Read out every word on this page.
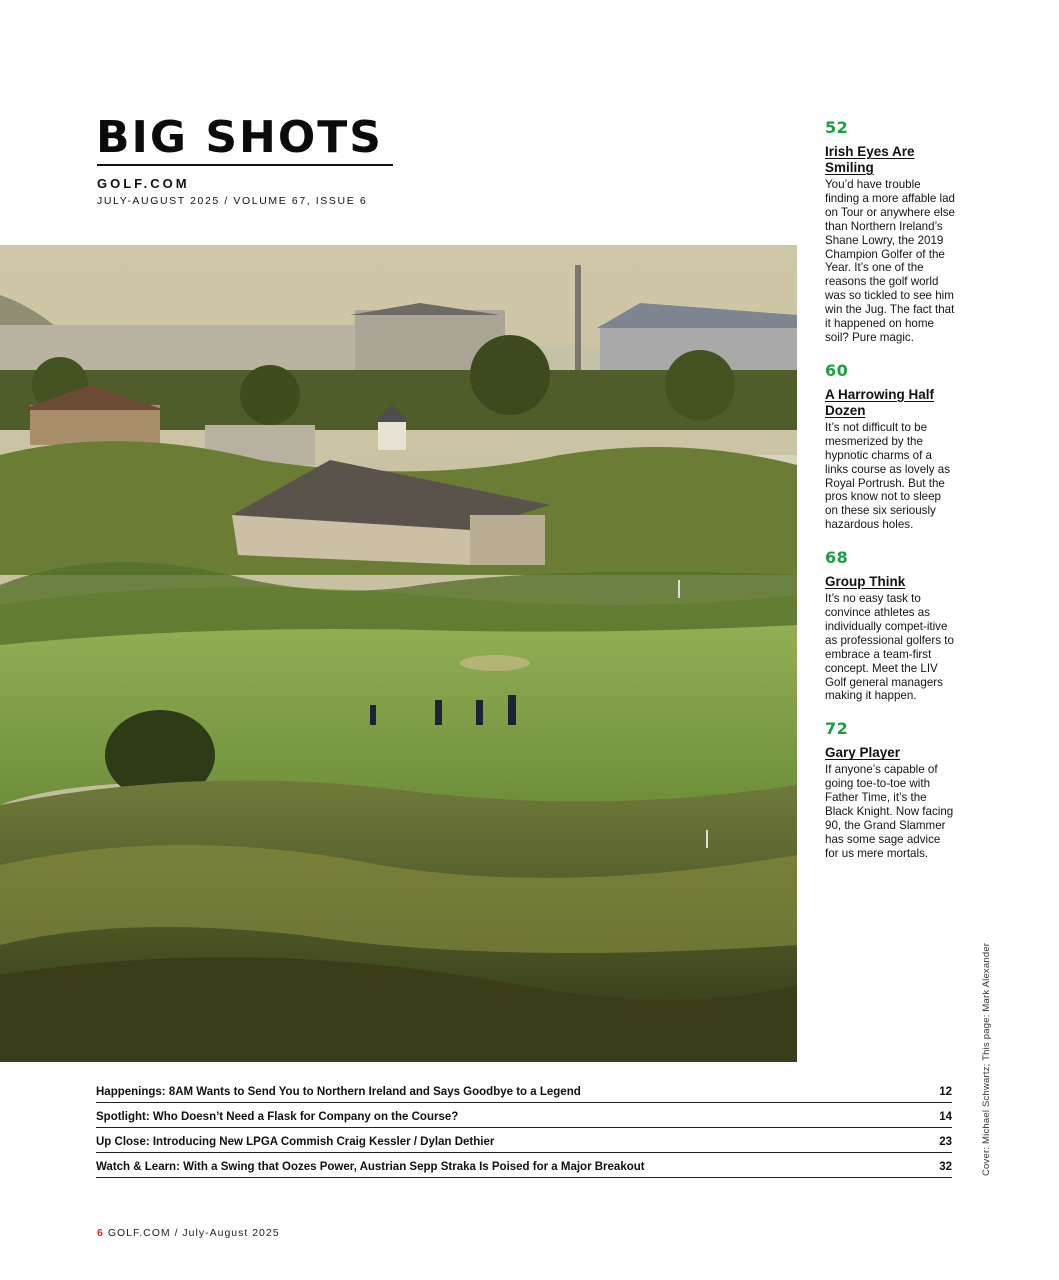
BIG SHOTS
GOLF.COM
JULY-AUGUST 2025 / VOLUME 67, ISSUE 6
52
Irish Eyes Are Smiling
You’d have trouble finding a more affable lad on Tour or anywhere else than Northern Ireland’s Shane Lowry, the 2019 Champion Golfer of the Year. It’s one of the reasons the golf world was so tickled to see him win the Jug. The fact that it happened on home soil? Pure magic.
60
A Harrowing Half Dozen
It’s not difficult to be mesmerized by the hypnotic charms of a links course as lovely as Royal Portrush. But the pros know not to sleep on these six seriously hazardous holes.
68
Group Think
It’s no easy task to convince athletes as individually compet-itive as professional golfers to embrace a team-first concept. Meet the LIV Golf general managers making it happen.
72
Gary Player
If anyone’s capable of going toe-to-toe with Father Time, it’s the Black Knight. Now facing 90, the Grand Slammer has some sage advice for us mere mortals.
Cover: Michael Schwartz; This page: Mark Alexander
Happenings: 8AM Wants to Send You to Northern Ireland and Says Goodbye to a Legend	12
Spotlight: Who Doesn’t Need a Flask for Company on the Course?	14
Up Close: Introducing New LPGA Commish Craig Kessler / Dylan Dethier	23
Watch & Learn: With a Swing that Oozes Power, Austrian Sepp Straka Is Poised for a Major Breakout	32
6 GOLF.COM / July-August 2025
